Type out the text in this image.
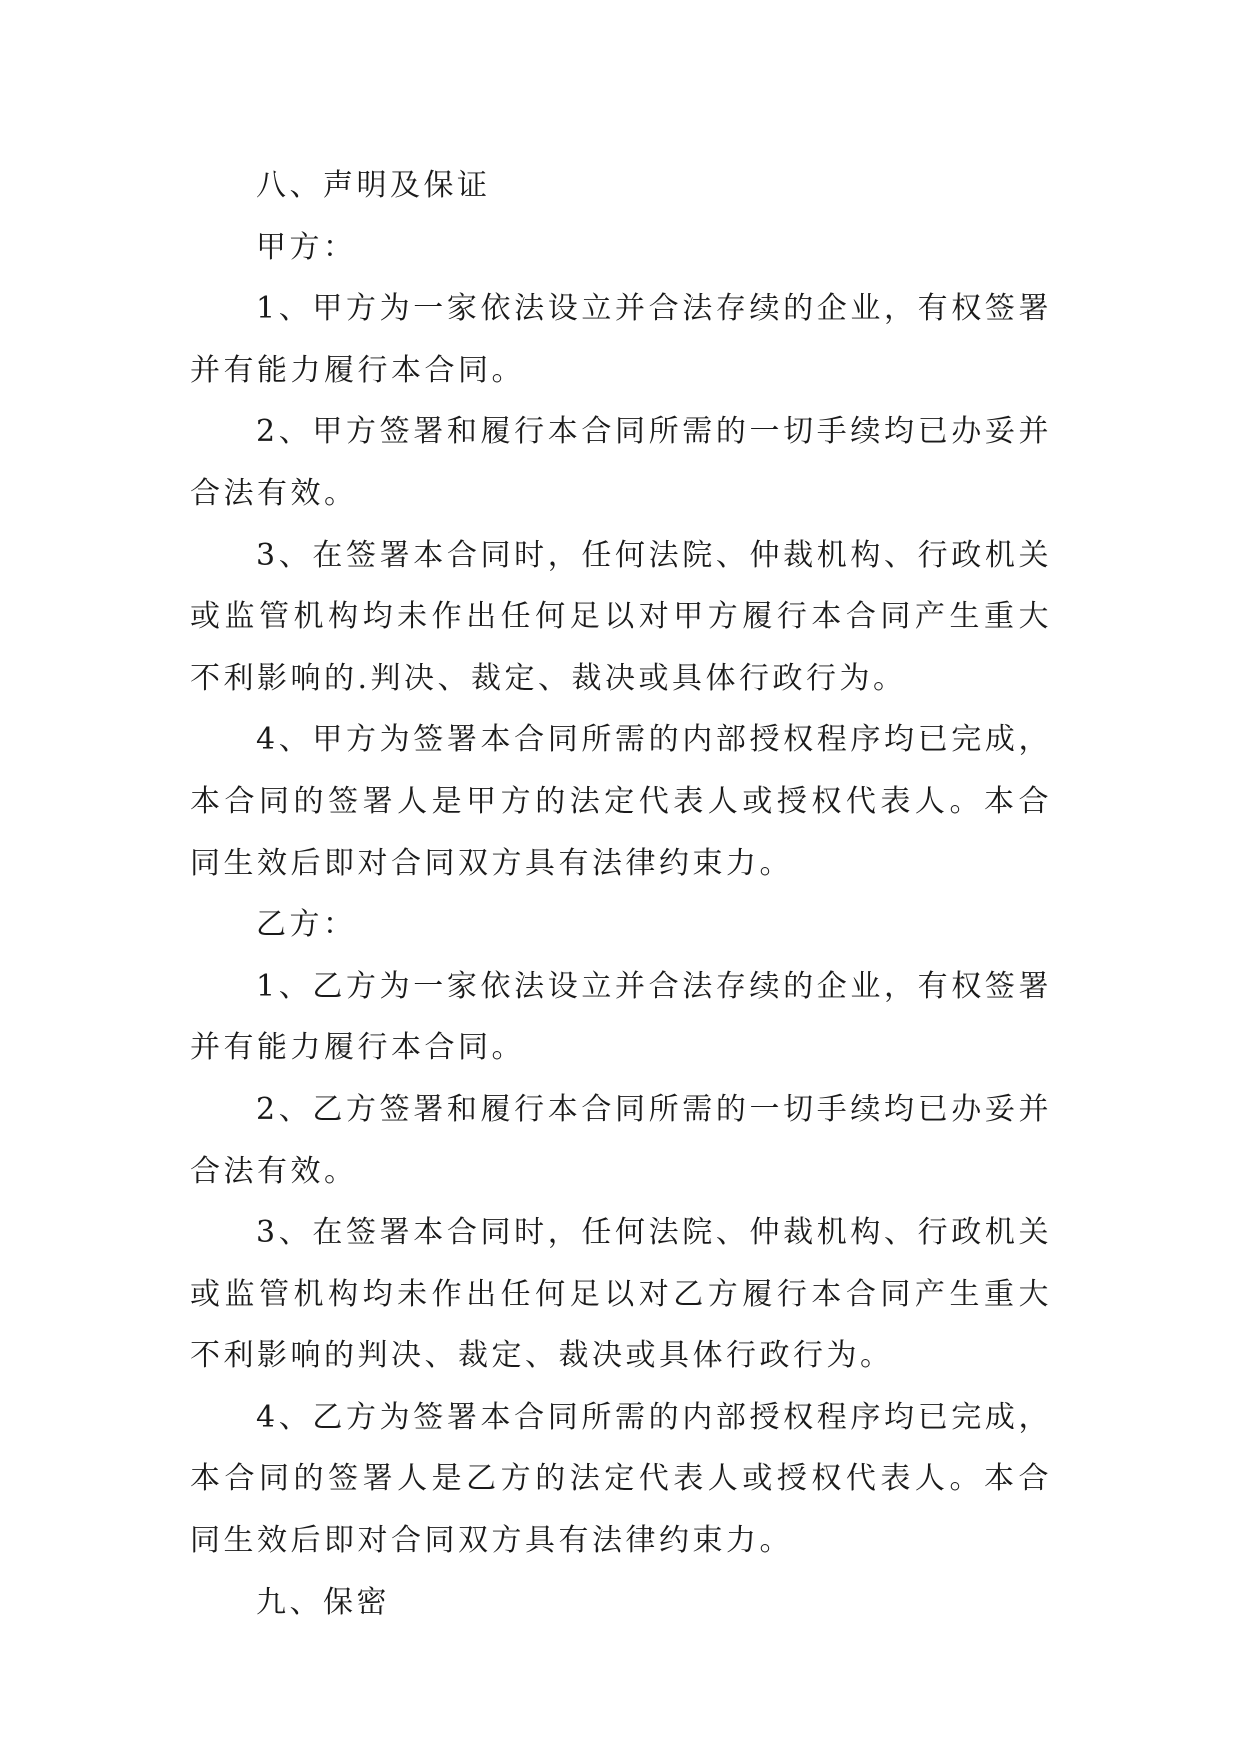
八、声明及保证

甲方：

1、甲方为一家依法设立并合法存续的企业，有权签署并有能力履行本合同。

2、甲方签署和履行本合同所需的一切手续均已办妥并合法有效。

3、在签署本合同时，任何法院、仲裁机构、行政机关或监管机构均未作出任何足以对甲方履行本合同产生重大不利影响的.判决、裁定、裁决或具体行政行为。

4、甲方为签署本合同所需的内部授权程序均已完成，本合同的签署人是甲方的法定代表人或授权代表人。本合同生效后即对合同双方具有法律约束力。

乙方：

1、乙方为一家依法设立并合法存续的企业，有权签署并有能力履行本合同。

2、乙方签署和履行本合同所需的一切手续均已办妥并合法有效。

3、在签署本合同时，任何法院、仲裁机构、行政机关或监管机构均未作出任何足以对乙方履行本合同产生重大不利影响的判决、裁定、裁决或具体行政行为。

4、乙方为签署本合同所需的内部授权程序均已完成，本合同的签署人是乙方的法定代表人或授权代表人。本合同生效后即对合同双方具有法律约束力。

九、保密
